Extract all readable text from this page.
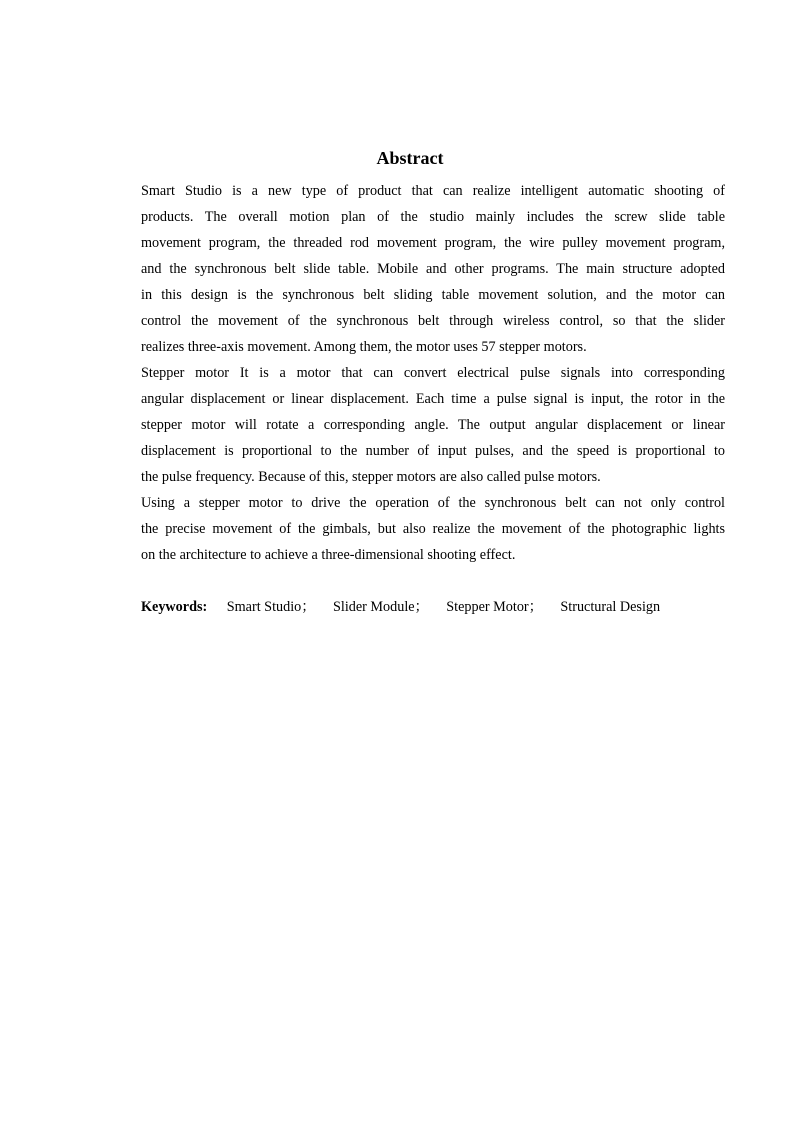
Abstract

Smart Studio is a new type of product that can realize intelligent automatic shooting of
products. The overall motion plan of the studio mainly includes the screw slide table
movement program, the threaded rod movement program, the wire pulley movement program,
and the synchronous belt slide table. Mobile and other programs. The main structure adopted
in this design is the synchronous belt sliding table movement solution, and the motor can
control the movement of the synchronous belt through wireless control, so that the slider
realizes three-axis movement. Among them, the motor uses 57 stepper motors.

Stepper motor It is a motor that can convert electrical pulse signals into corresponding
angular displacement or linear displacement. Each time a pulse signal is input, the rotor in the
stepper motor will rotate a corresponding angle. The output angular displacement or linear
displacement is proportional to the number of input pulses, and the speed is proportional to
the pulse frequency. Because of this, stepper motors are also called pulse motors.

Using a stepper motor to drive the operation of the synchronous belt can not only control
the precise movement of the gimbals, but also realize the movement of the photographic lights
on the architecture to achieve a three-dimensional shooting effect.

Keywords: Smart Studio； Slider Module； Stepper Motor； Structural Design
